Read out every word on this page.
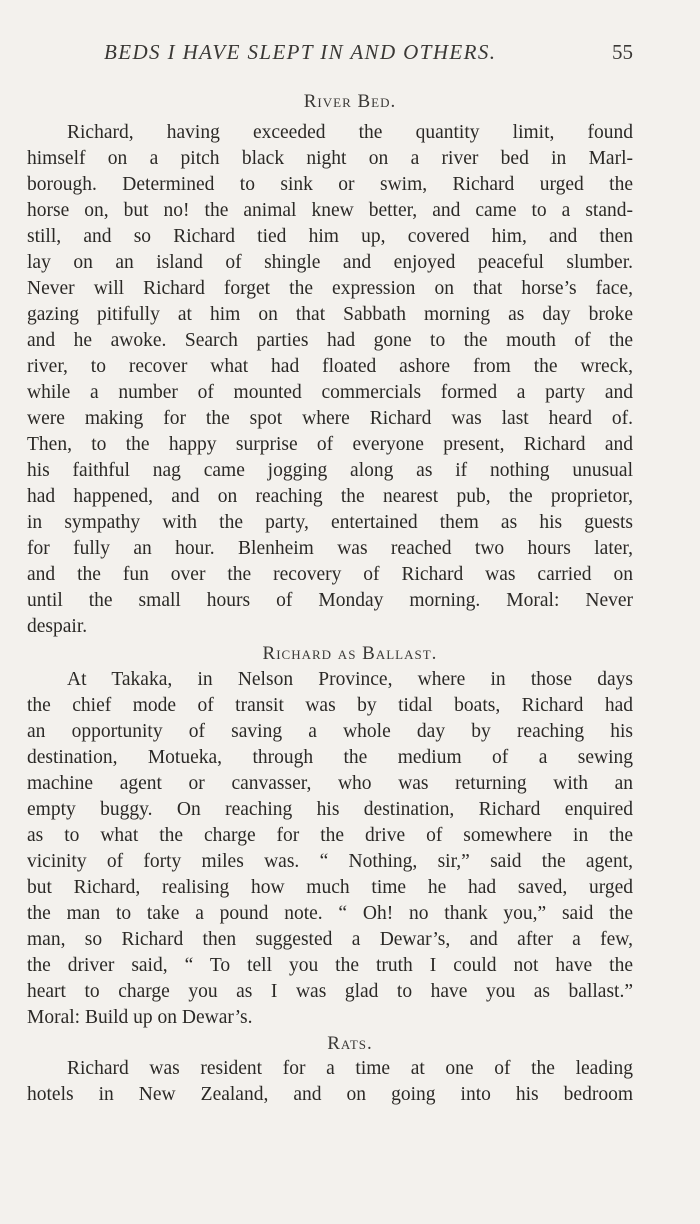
BEDS I HAVE SLEPT IN AND OTHERS.	55
River Bed.
Richard, having exceeded the quantity limit, found
himself on a pitch black night on a river bed in Marl-
borough. Determined to sink or swim, Richard urged the
horse on, but no! the animal knew better, and came to a stand-
still, and so Richard tied him up, covered him, and then
lay on an island of shingle and enjoyed peaceful slumber.
Never will Richard forget the expression on that horse’s face,
gazing pitifully at him on that Sabbath morning as day broke
and he awoke. Search parties had gone to the mouth of the
river, to recover what had floated ashore from the wreck,
while a number of mounted commercials formed a party and
were making for the spot where Richard was last heard of.
Then, to the happy surprise of everyone present, Richard and
his faithful nag came jogging along as if nothing unusual
had happened, and on reaching the nearest pub, the proprietor,
in sympathy with the party, entertained them as his guests
for fully an hour. Blenheim was reached two hours later,
and the fun over the recovery of Richard was carried on
until the small hours of Monday morning. Moral: Never
despair.
Richard as Ballast.
At Takaka, in Nelson Province, where in those days
the chief mode of transit was by tidal boats, Richard had
an opportunity of saving a whole day by reaching his
destination, Motueka, through the medium of a sewing
machine agent or canvasser, who was returning with an
empty buggy. On reaching his destination, Richard enquired
as to what the charge for the drive of somewhere in the
vicinity of forty miles was. “ Nothing, sir,” said the agent,
but Richard, realising how much time he had saved, urged
the man to take a pound note. “ Oh! no thank you,” said the
man, so Richard then suggested a Dewar’s, and after a few,
the driver said, “ To tell you the truth I could not have the
heart to charge you as I was glad to have you as ballast.”
Moral: Build up on Dewar’s.
Rats.
Richard was resident for a time at one of the leading
hotels in New Zealand, and on going into his bedroom
